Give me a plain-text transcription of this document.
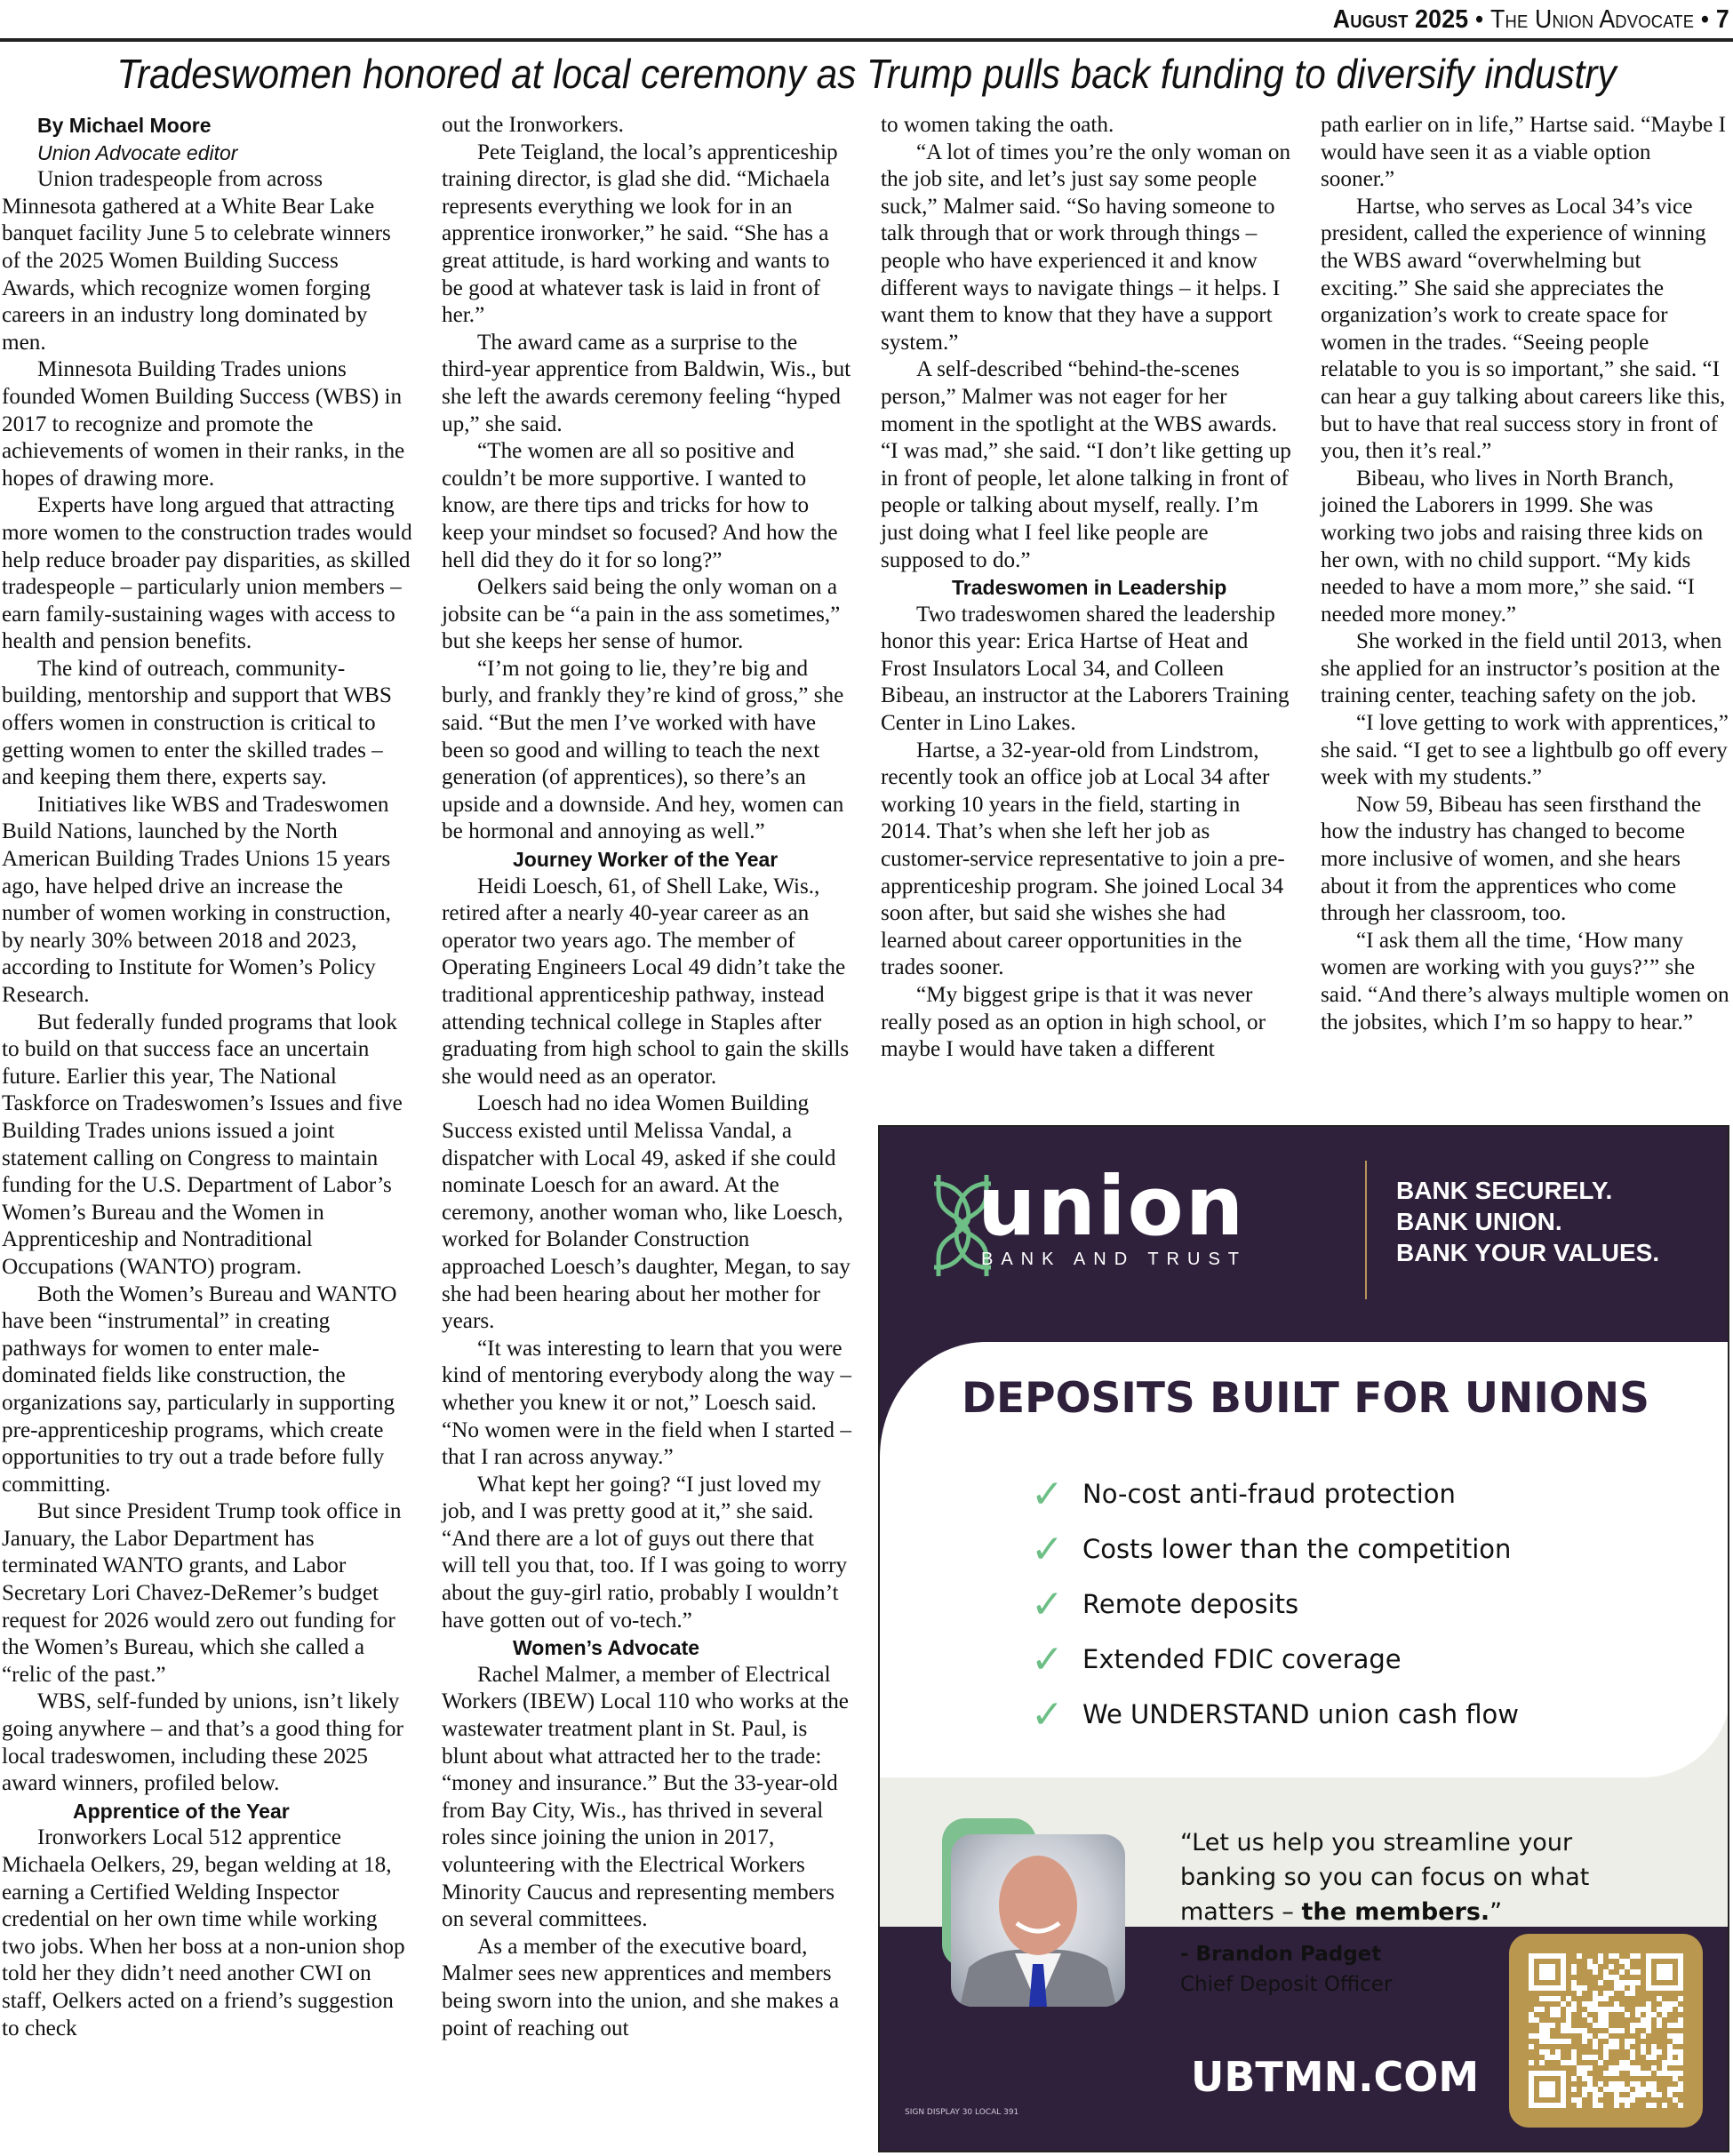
August 2025 • The Union Advocate • 7
Tradeswomen honored at local ceremony as Trump pulls back funding to diversify industry

By Michael Moore

Union Advocate editor

Union tradespeople from across Minnesota gathered at a White Bear Lake banquet facility June 5 to celebrate winners of the 2025 Women Building Success Awards, which recognize women forging careers in an industry long dominated by men.

Minnesota Building Trades unions founded Women Building Success (WBS) in 2017 to recognize and promote the achievements of women in their ranks, in the hopes of drawing more.

Experts have long argued that attracting more women to the construction trades would help reduce broader pay disparities, as skilled tradespeople – particularly union members – earn family-sustaining wages with access to health and pension benefits.

The kind of outreach, community-building, mentorship and support that WBS offers women in construction is critical to getting women to enter the skilled trades – and keeping them there, experts say.

Initiatives like WBS and Tradeswomen Build Nations, launched by the North American Building Trades Unions 15 years ago, have helped drive an increase the number of women working in construction, by nearly 30% between 2018 and 2023, according to Institute for Women’s Policy Research.

But federally funded programs that look to build on that success face an uncertain future. Earlier this year, The National Taskforce on Tradeswomen’s Issues and five Building Trades unions issued a joint statement calling on Congress to maintain funding for the U.S. Department of Labor’s Women’s Bureau and the Women in Apprenticeship and Nontraditional Occupations (WANTO) program.

Both the Women’s Bureau and WANTO have been “instrumental” in creating pathways for women to enter male-dominated fields like construction, the organizations say, particularly in supporting pre-apprenticeship programs, which create opportunities to try out a trade before fully committing.

But since President Trump took office in January, the Labor Department has terminated WANTO grants, and Labor Secretary Lori Chavez-DeRemer’s budget request for 2026 would zero out funding for the Women’s Bureau, which she called a “relic of the past.”

WBS, self-funded by unions, isn’t likely going anywhere – and that’s a good thing for local tradeswomen, including these 2025 award winners, profiled below.

Apprentice of the Year

Ironworkers Local 512 apprentice Michaela Oelkers, 29, began welding at 18, earning a Certified Welding Inspector credential on her own time while working two jobs. When her boss at a non-union shop told her they didn’t need another CWI on staff, Oelkers acted on a friend’s suggestion to check

out the Ironworkers.

Pete Teigland, the local’s apprenticeship training director, is glad she did. “Michaela represents everything we look for in an apprentice ironworker,” he said. “She has a great attitude, is hard working and wants to be good at whatever task is laid in front of her.”

The award came as a surprise to the third-year apprentice from Baldwin, Wis., but she left the awards ceremony feeling “hyped up,” she said.

“The women are all so positive and couldn’t be more supportive. I wanted to know, are there tips and tricks for how to keep your mindset so focused? And how the hell did they do it for so long?”

Oelkers said being the only woman on a jobsite can be “a pain in the ass sometimes,” but she keeps her sense of humor.

“I’m not going to lie, they’re big and burly, and frankly they’re kind of gross,” she said. “But the men I’ve worked with have been so good and willing to teach the next generation (of apprentices), so there’s an upside and a downside. And hey, women can be hormonal and annoying as well.”

Journey Worker of the Year

Heidi Loesch, 61, of Shell Lake, Wis., retired after a nearly 40-year career as an operator two years ago. The member of Operating Engineers Local 49 didn’t take the traditional apprenticeship pathway, instead attending technical college in Staples after graduating from high school to gain the skills she would need as an operator.

Loesch had no idea Women Building Success existed until Melissa Vandal, a dispatcher with Local 49, asked if she could nominate Loesch for an award. At the ceremony, another woman who, like Loesch, worked for Bolander Construction approached Loesch’s daughter, Megan, to say she had been hearing about her mother for years.

“It was interesting to learn that you were kind of mentoring everybody along the way – whether you knew it or not,” Loesch said. “No women were in the field when I started – that I ran across anyway.”

What kept her going? “I just loved my job, and I was pretty good at it,” she said. “And there are a lot of guys out there that will tell you that, too. If I was going to worry about the guy-girl ratio, probably I wouldn’t have gotten out of vo-tech.”

Women’s Advocate

Rachel Malmer, a member of Electrical Workers (IBEW) Local 110 who works at the wastewater treatment plant in St. Paul, is blunt about what attracted her to the trade: “money and insurance.” But the 33-year-old from Bay City, Wis., has thrived in several roles since joining the union in 2017, volunteering with the Electrical Workers Minority Caucus and representing members on several committees.

As a member of the executive board, Malmer sees new apprentices and members being sworn into the union, and she makes a point of reaching out

to women taking the oath.

“A lot of times you’re the only woman on the job site, and let’s just say some people suck,” Malmer said. “So having someone to talk through that or work through things – people who have experienced it and know different ways to navigate things – it helps. I want them to know that they have a support system.”

A self-described “behind-the-scenes person,” Malmer was not eager for her moment in the spotlight at the WBS awards. “I was mad,” she said. “I don’t like getting up in front of people, let alone talking in front of people or talking about myself, really. I’m just doing what I feel like people are supposed to do.”

Tradeswomen in Leadership

Two tradeswomen shared the leadership honor this year: Erica Hartse of Heat and Frost Insulators Local 34, and Colleen Bibeau, an instructor at the Laborers Training Center in Lino Lakes.

Hartse, a 32-year-old from Lindstrom, recently took an office job at Local 34 after working 10 years in the field, starting in 2014. That’s when she left her job as customer-service representative to join a pre-apprenticeship program. She joined Local 34 soon after, but said she wishes she had learned about career opportunities in the trades sooner.

“My biggest gripe is that it was never really posed as an option in high school, or maybe I would have taken a different

path earlier on in life,” Hartse said. “Maybe I would have seen it as a viable option sooner.”

Hartse, who serves as Local 34’s vice president, called the experience of winning the WBS award “overwhelming but exciting.” She said she appreciates the organization’s work to create space for women in the trades. “Seeing people relatable to you is so important,” she said. “I can hear a guy talking about careers like this, but to have that real success story in front of you, then it’s real.”

Bibeau, who lives in North Branch, joined the Laborers in 1999. She was working two jobs and raising three kids on her own, with no child support. “My kids needed to have a mom more,” she said. “I needed more money.”

She worked in the field until 2013, when she applied for an instructor’s position at the training center, teaching safety on the job.

“I love getting to work with apprentices,” she said. “I get to see a lightbulb go off every week with my students.”

Now 59, Bibeau has seen firsthand the how the industry has changed to become more inclusive of women, and she hears about it from the apprentices who come through her classroom, too.

“I ask them all the time, ‘How many women are working with you guys?’” she said. “And there’s always multiple women on the jobsites, which I’m so happy to hear.”

union
BANK AND TRUST
BANK SECURELY.
BANK UNION.
BANK YOUR VALUES.
DEPOSITS BUILT FOR UNIONS
✓ No-cost anti-fraud protection
✓ Costs lower than the competition
✓ Remote deposits
✓ Extended FDIC coverage
✓ We UNDERSTAND union cash flow
“Let us help you streamline your banking so you can focus on what matters – the members.”
- Brandon Padget
Chief Deposit Officer
UBTMN.COM
SIGN DISPLAY 30 LOCAL 391
